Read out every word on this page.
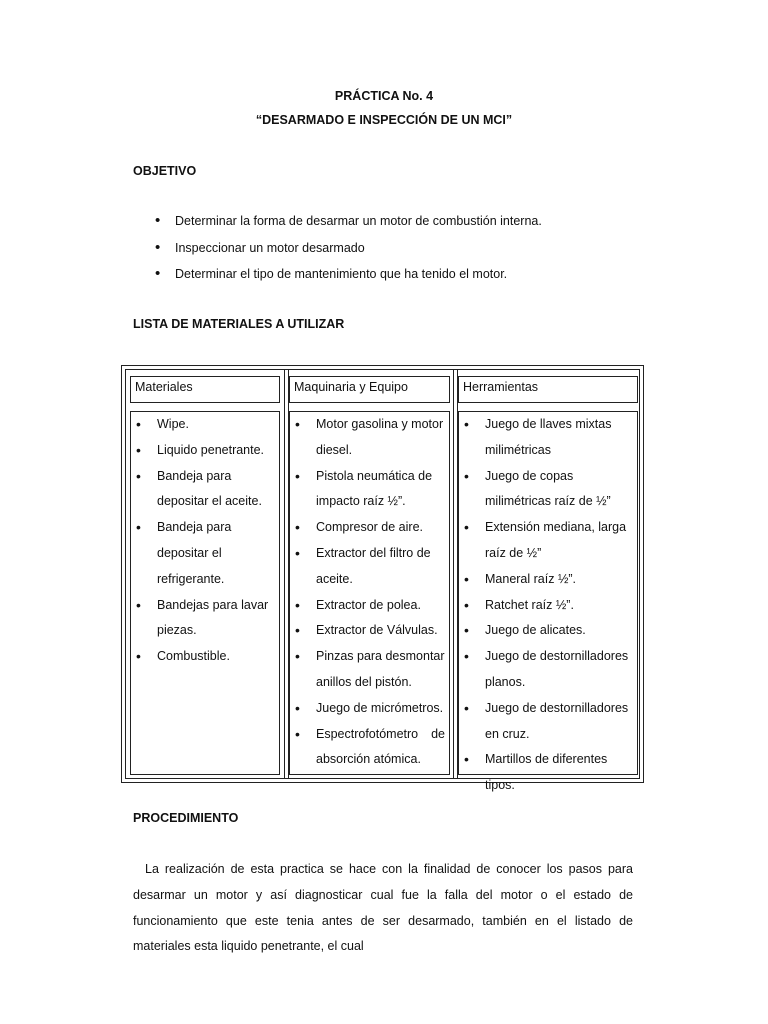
PRÁCTICA No. 4
“DESARMADO E INSPECCIÓN DE UN MCI”
OBJETIVO
• Determinar la forma de desarmar un motor de combustión interna.
• Inspeccionar un motor desarmado
• Determinar el tipo de mantenimiento que ha tenido el motor.
LISTA DE MATERIALES A UTILIZAR
Materiales	Maquinaria y Equipo	Herramientas
• Wipe.
• Liquido penetrante.
• Bandeja para depositar el aceite.
• Bandeja para depositar el refrigerante.
• Bandejas para lavar piezas.
• Combustible.
• Motor gasolina y motor diesel.
• Pistola neumática de impacto raíz ½”.
• Compresor de aire.
• Extractor del filtro de aceite.
• Extractor de polea.
• Extractor de Válvulas.
• Pinzas para desmontar anillos del pistón.
• Juego de micrómetros.
• Espectrofotómetro de
absorción atómica.
• Juego de llaves mixtas milimétricas
• Juego de copas milimétricas raíz de ½”
• Extensión mediana, larga raíz de ½”
• Maneral raíz ½”.
• Ratchet raíz ½”.
• Juego de alicates.
• Juego de destornilladores planos.
• Juego de destornilladores en cruz.
• Martillos de diferentes tipos.
PROCEDIMIENTO

La realización de esta practica se hace con la finalidad de conocer los pasos para desarmar un motor y así diagnosticar cual fue la falla del motor o el estado de funcionamiento que este tenia antes de ser desarmado, también en el listado de materiales esta liquido penetrante, el cual
